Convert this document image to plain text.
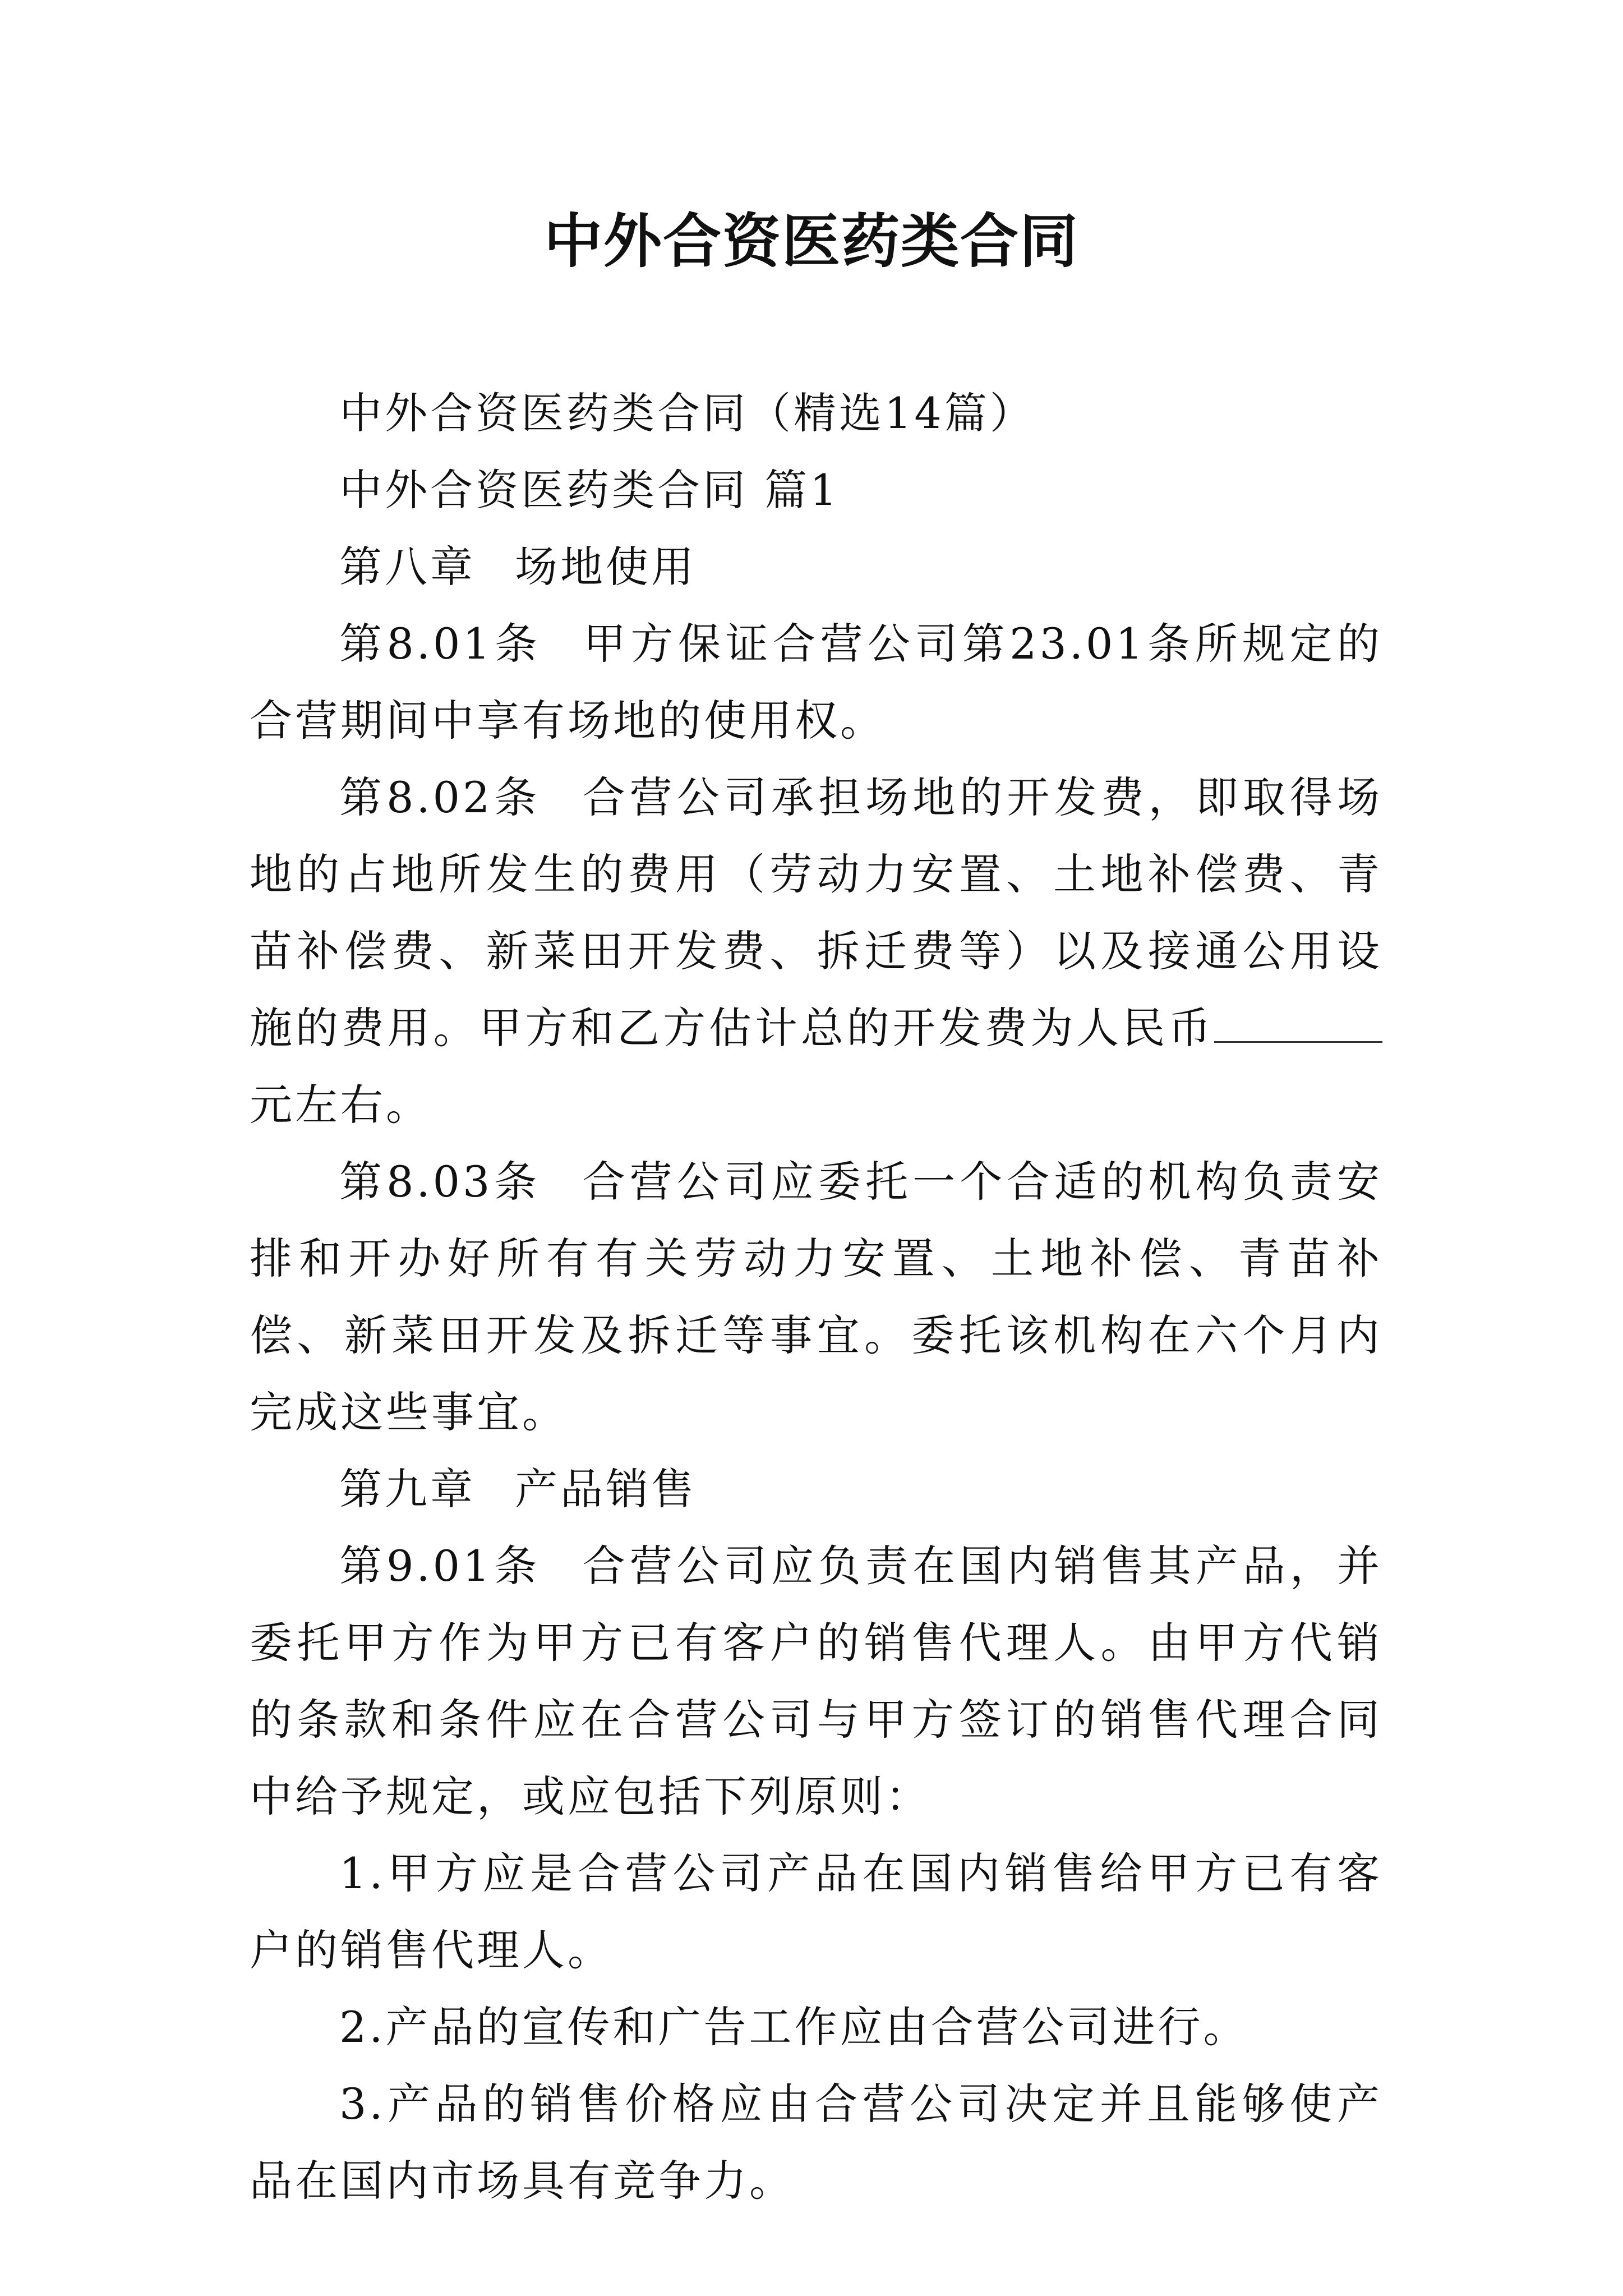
中外合资医药类合同

中外合资医药类合同（精选14篇）

中外合资医药类合同 篇1

第八章 场地使用

第8.01条 甲方保证合营公司第23.01条所规定的合营期间中享有场地的使用权。

第8.02条 合营公司承担场地的开发费，即取得场地的占地所发生的费用（劳动力安置、土地补偿费、青苗补偿费、新菜田开发费、拆迁费等）以及接通公用设施的费用。甲方和乙方估计总的开发费为人民币元左右。

第8.03条 合营公司应委托一个合适的机构负责安排和开办好所有有关劳动力安置、土地补偿、青苗补偿、新菜田开发及拆迁等事宜。委托该机构在六个月内完成这些事宜。

第九章 产品销售

第9.01条 合营公司应负责在国内销售其产品，并委托甲方作为甲方已有客户的销售代理人。由甲方代销的条款和条件应在合营公司与甲方签订的销售代理合同中给予规定，或应包括下列原则：

1.甲方应是合营公司产品在国内销售给甲方已有客户的销售代理人。

2.产品的宣传和广告工作应由合营公司进行。

3.产品的销售价格应由合营公司决定并且能够使产品在国内市场具有竞争力。
